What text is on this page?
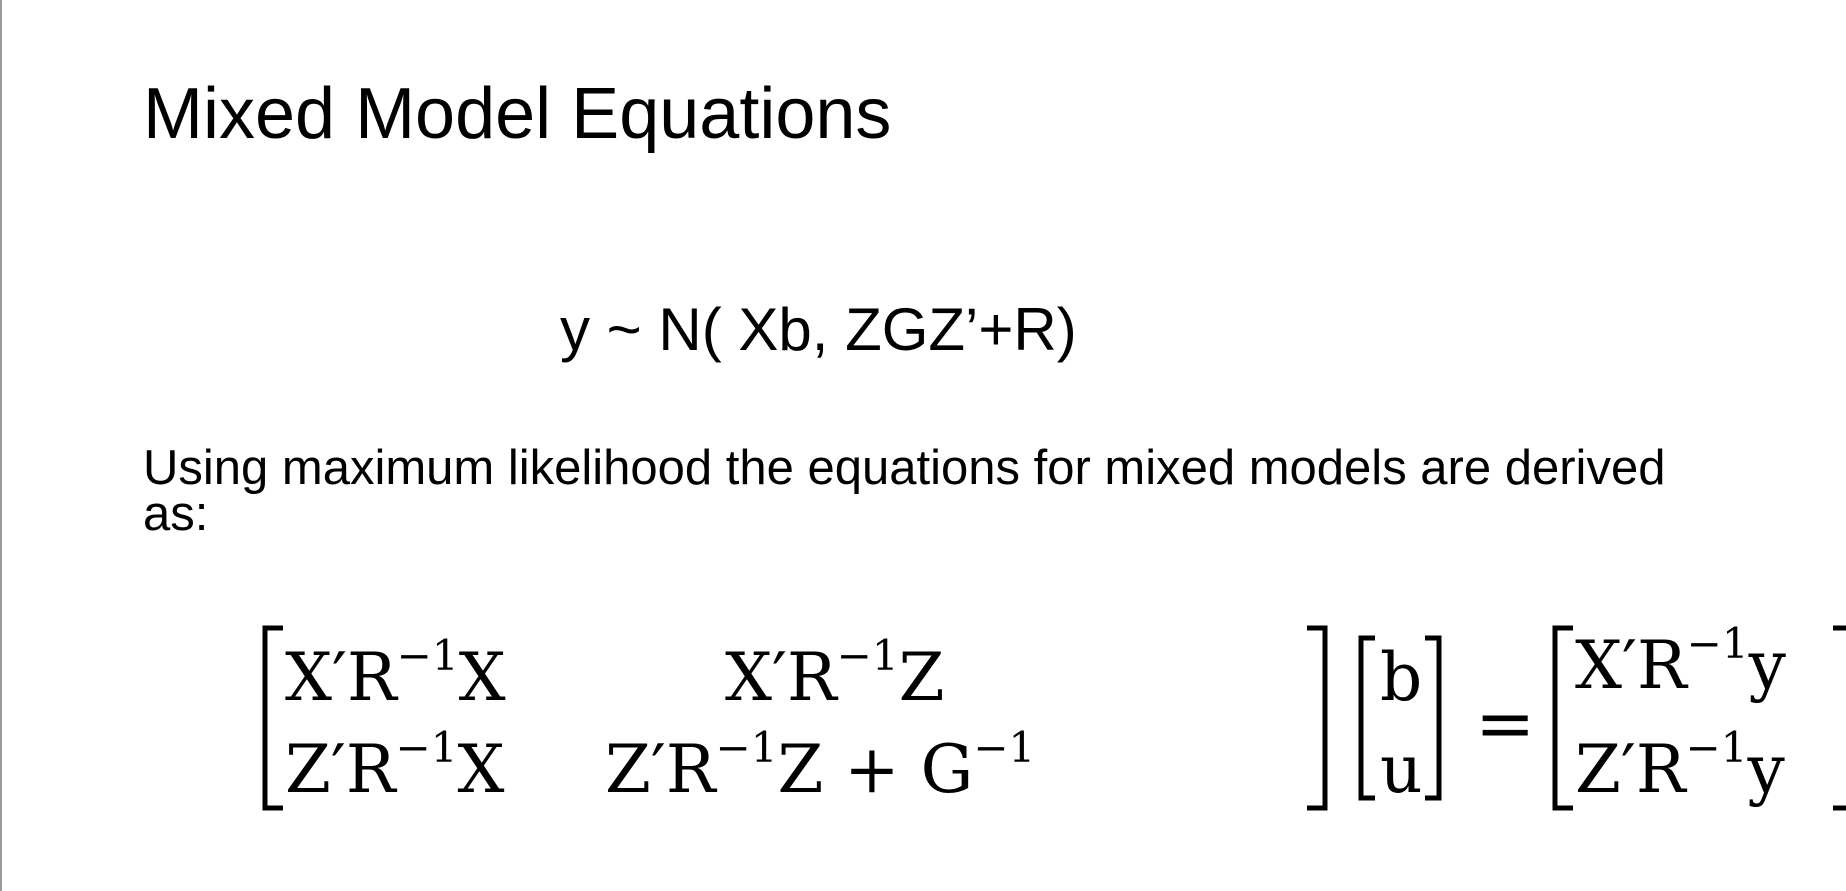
Mixed Model Equations
y ~ N( Xb, ZGZ’+R)
Using maximum likelihood the equations for mixed models are derived as:
$X'R^{-1}X$	$X'R^{-1}Z$
$Z'R^{-1}X$ $Z'R^{-1}Z + G^{-1}$
b
u
=
$X'R^{-1}y$
$Z'R^{-1}y$
